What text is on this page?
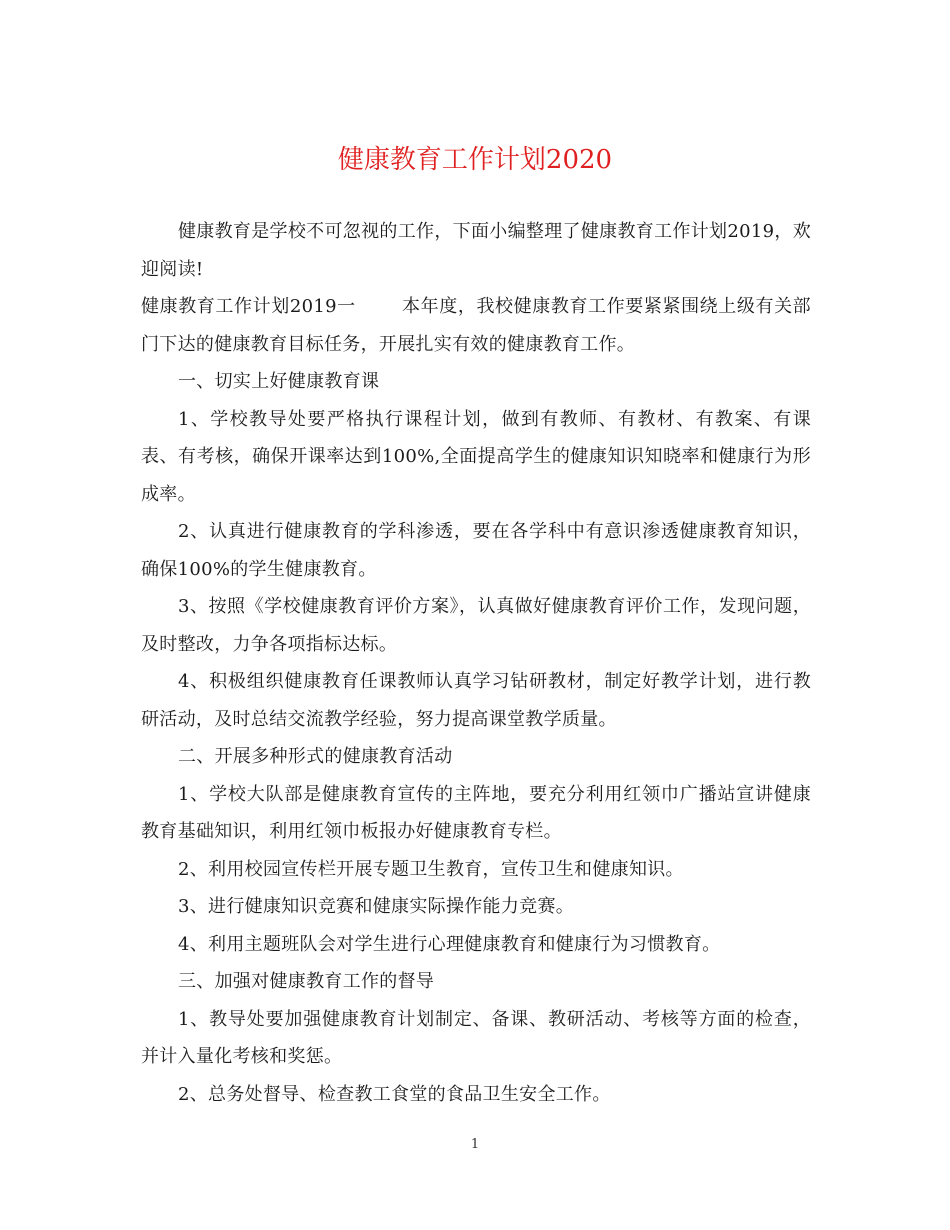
健康教育工作计划2020

健康教育是学校不可忽视的工作，下面小编整理了健康教育工作计划2019，欢迎阅读!

健康教育工作计划2019一	本年度，我校健康教育工作要紧紧围绕上级有关部门下达的健康教育目标任务，开展扎实有效的健康教育工作。

一、切实上好健康教育课

1、学校教导处要严格执行课程计划，做到有教师、有教材、有教案、有课表、有考核，确保开课率达到100%,全面提高学生的健康知识知晓率和健康行为形成率。

2、认真进行健康教育的学科渗透，要在各学科中有意识渗透健康教育知识，确保100%的学生健康教育。

3、按照《学校健康教育评价方案》，认真做好健康教育评价工作，发现问题，及时整改，力争各项指标达标。

4、积极组织健康教育任课教师认真学习钻研教材，制定好教学计划，进行教研活动，及时总结交流教学经验，努力提高课堂教学质量。

二、开展多种形式的健康教育活动

1、学校大队部是健康教育宣传的主阵地，要充分利用红领巾广播站宣讲健康教育基础知识，利用红领巾板报办好健康教育专栏。

2、利用校园宣传栏开展专题卫生教育，宣传卫生和健康知识。

3、进行健康知识竞赛和健康实际操作能力竞赛。

4、利用主题班队会对学生进行心理健康教育和健康行为习惯教育。

三、加强对健康教育工作的督导

1、教导处要加强健康教育计划制定、备课、教研活动、考核等方面的检查，并计入量化考核和奖惩。

2、总务处督导、检查教工食堂的食品卫生安全工作。

1
